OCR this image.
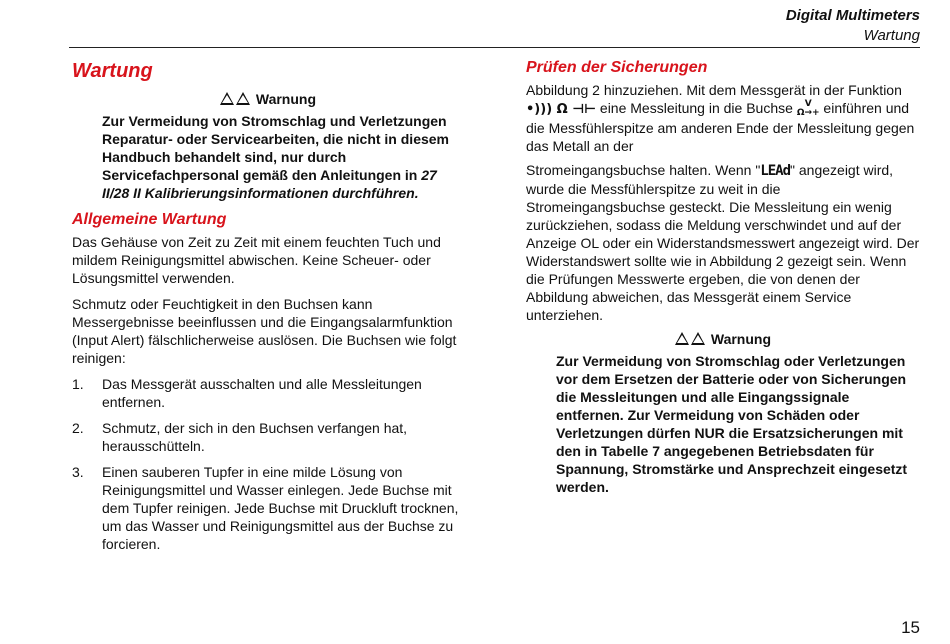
Digital Multimeters
Wartung
Wartung
Warnung
Zur Vermeidung von Stromschlag und Verletzungen Reparatur- oder Servicearbeiten, die nicht in diesem Handbuch behandelt sind, nur durch Servicefachpersonal gemäß den Anleitungen in 27 II/28 II Kalibrierungsinformationen durchführen.
Allgemeine Wartung

Das Gehäuse von Zeit zu Zeit mit einem feuchten Tuch und mildem Reinigungsmittel abwischen. Keine Scheuer- oder Lösungsmittel verwenden.

Schmutz oder Feuchtigkeit in den Buchsen kann Messergebnisse beeinflussen und die Eingangsalarmfunktion (Input Alert) fälschlicherweise auslösen. Die Buchsen wie folgt reinigen:

1. Das Messgerät ausschalten und alle Messleitungen entfernen.
2. Schmutz, der sich in den Buchsen verfangen hat, herausschütteln.
3. Einen sauberen Tupfer in eine milde Lösung von Reinigungsmittel und Wasser einlegen. Jede Buchse mit dem Tupfer reinigen. Jede Buchse mit Druckluft trocknen, um das Wasser und Reinigungsmittel aus der Buchse zu forcieren.
Prüfen der Sicherungen

Abbildung 2 hinzuziehen. Mit dem Messgerät in der Funktion •))) Ω ⊣⊢ eine Messleitung in die Buchse V
Ω→+ einführen und die Messfühlerspitze am anderen Ende der Messleitung gegen das Metall an der

Stromeingangsbuchse halten. Wenn "LEAd" angezeigt wird, wurde die Messfühlerspitze zu weit in die Stromeingangsbuchse gesteckt. Die Messleitung ein wenig zurückziehen, sodass die Meldung verschwindet und auf der Anzeige OL oder ein Widerstandsmesswert angezeigt wird. Der Widerstandswert sollte wie in Abbildung 2 gezeigt sein. Wenn die Prüfungen Messwerte ergeben, die von denen der Abbildung abweichen, das Messgerät einem Service unterziehen.

Warnung
Zur Vermeidung von Stromschlag oder Verletzungen vor dem Ersetzen der Batterie oder von Sicherungen die Messleitungen und alle Eingangssignale entfernen. Zur Vermeidung von Schäden oder Verletzungen dürfen NUR die Ersatzsicherungen mit den in Tabelle 7 angegebenen Betriebsdaten für Spannung, Stromstärke und Ansprechzeit eingesetzt werden.
15
